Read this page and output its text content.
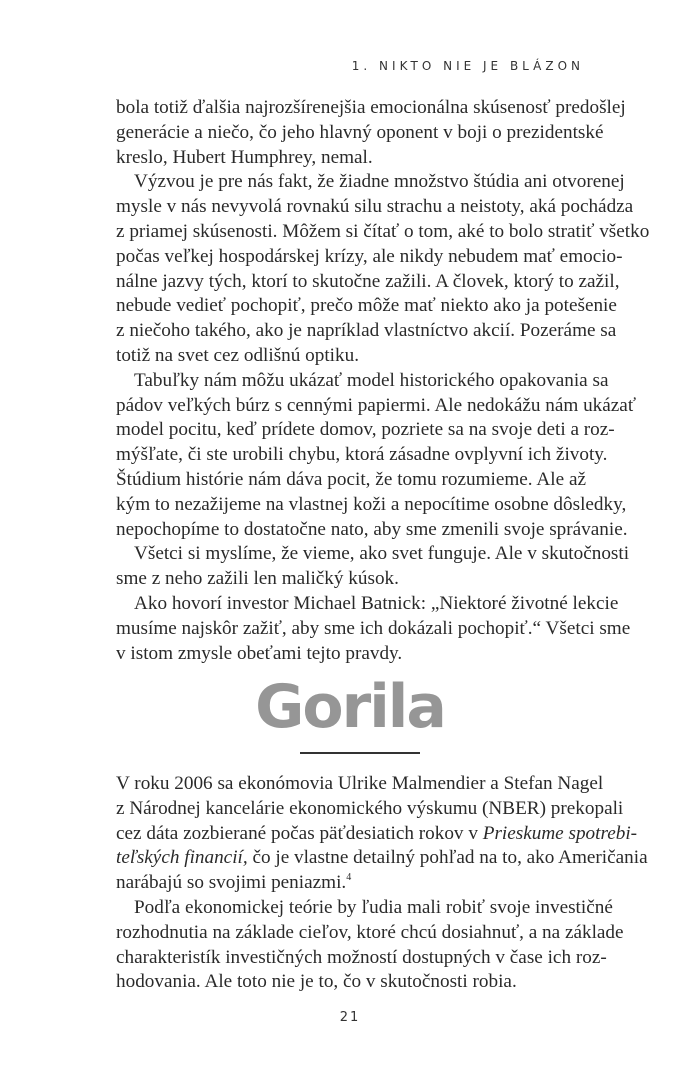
1. NIKTO NIE JE BLÁZON
bola totiž ďalšia najrozšírenejšia emocionálna skúsenosť predošlej
generácie a niečo, čo jeho hlavný oponent v boji o prezidentské
kreslo, Hubert Humphrey, nemal.
Výzvou je pre nás fakt, že žiadne množstvo štúdia ani otvorenej
mysle v nás nevyvolá rovnakú silu strachu a neistoty, aká pochádza
z priamej skúsenosti. Môžem si čítať o tom, aké to bolo stratiť všetko
počas veľkej hospodárskej krízy, ale nikdy nebudem mať emocio-
nálne jazvy tých, ktorí to skutočne zažili. A človek, ktorý to zažil,
nebude vedieť pochopiť, prečo môže mať niekto ako ja potešenie
z niečoho takého, ako je napríklad vlastníctvo akcií. Pozeráme sa
totiž na svet cez odlišnú optiku.
Tabuľky nám môžu ukázať model historického opakovania sa
pádov veľkých búrz s cennými papiermi. Ale nedokážu nám ukázať
model pocitu, keď prídete domov, pozriete sa na svoje deti a roz-
mýšľate, či ste urobili chybu, ktorá zásadne ovplyvní ich životy.
Štúdium histórie nám dáva pocit, že tomu rozumieme. Ale až
kým to nezažijeme na vlastnej koži a nepocítime osobne dôsledky,
nepochopíme to dostatočne nato, aby sme zmenili svoje správanie.
Všetci si myslíme, že vieme, ako svet funguje. Ale v skutočnosti
sme z neho zažili len maličký kúsok.
Ako hovorí investor Michael Batnick: „Niektoré životné lekcie
musíme najskôr zažiť, aby sme ich dokázali pochopiť.“ Všetci sme
v istom zmysle obeťami tejto pravdy.
Gorila
V roku 2006 sa ekonómovia Ulrike Malmendier a Stefan Nagel
z Národnej kancelárie ekonomického výskumu (NBER) prekopali
cez dáta zozbierané počas päťdesiatich rokov v Prieskume spotrebi-
teľských financií, čo je vlastne detailný pohľad na to, ako Američania
narábajú so svojimi peniazmi.$^4$
Podľa ekonomickej teórie by ľudia mali robiť svoje investičné
rozhodnutia na základe cieľov, ktoré chcú dosiahnuť, a na základe
charakteristík investičných možností dostupných v čase ich roz-
hodovania. Ale toto nie je to, čo v skutočnosti robia.
21
